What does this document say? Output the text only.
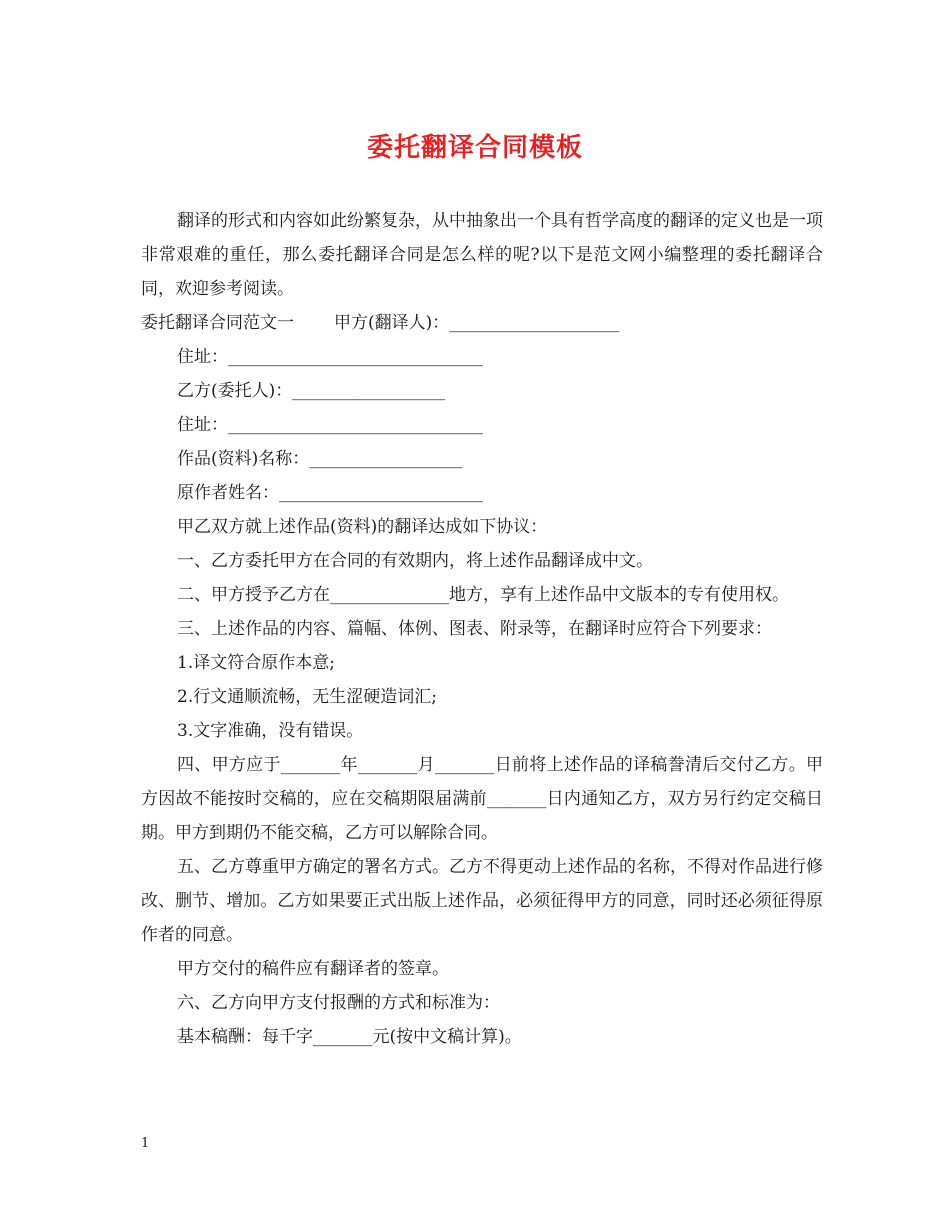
委托翻译合同模板

翻译的形式和内容如此纷繁复杂，从中抽象出一个具有哲学高度的翻译的定义也是一项非常艰难的重任，那么委托翻译合同是怎么样的呢?以下是范文网小编整理的委托翻译合同，欢迎参考阅读。

委托翻译合同范文一 甲方(翻译人)：____________________

住址：______________________________

乙方(委托人)：__________________

住址：______________________________

作品(资料)名称：__________________

原作者姓名：________________________

甲乙双方就上述作品(资料)的翻译达成如下协议：

一、乙方委托甲方在合同的有效期内，将上述作品翻译成中文。

二、甲方授予乙方在______________地方，享有上述作品中文版本的专有使用权。

三、上述作品的内容、篇幅、体例、图表、附录等，在翻译时应符合下列要求：

1.译文符合原作本意;

2.行文通顺流畅，无生涩硬造词汇;

3.文字准确，没有错误。

四、甲方应于_______年_______月_______日前将上述作品的译稿誊清后交付乙方。甲方因故不能按时交稿的，应在交稿期限届满前_______日内通知乙方，双方另行约定交稿日期。甲方到期仍不能交稿，乙方可以解除合同。

五、乙方尊重甲方确定的署名方式。乙方不得更动上述作品的名称，不得对作品进行修改、删节、增加。乙方如果要正式出版上述作品，必须征得甲方的同意，同时还必须征得原作者的同意。

甲方交付的稿件应有翻译者的签章。

六、乙方向甲方支付报酬的方式和标准为：

基本稿酬：每千字_______元(按中文稿计算)。

1
